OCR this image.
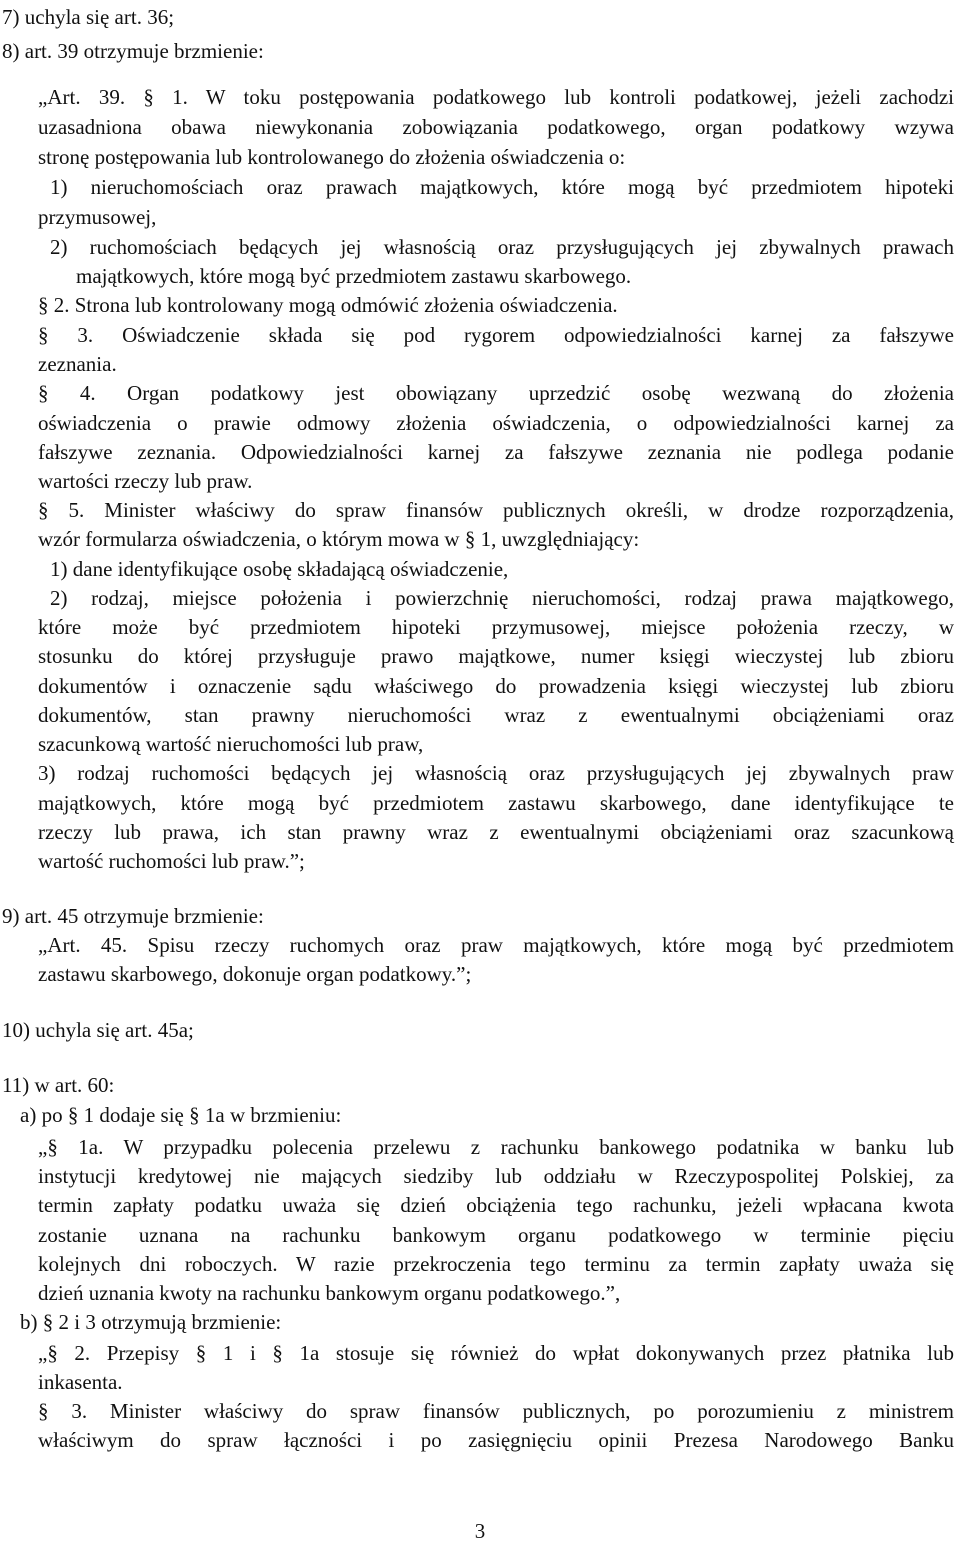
7) uchyla się art. 36;

8) art. 39 otrzymuje brzmienie:

„Art. 39. § 1. W toku postępowania podatkowego lub kontroli podatkowej, jeżeli zachodzi

uzasadniona obawa niewykonania zobowiązania podatkowego, organ podatkowy wzywa

stronę postępowania lub kontrolowanego do złożenia oświadczenia o:

1) nieruchomościach oraz prawach majątkowych, które mogą być przedmiotem hipoteki

przymusowej,

2) ruchomościach będących jej własnością oraz przysługujących jej zbywalnych prawach

majątkowych, które mogą być przedmiotem zastawu skarbowego.

§ 2. Strona lub kontrolowany mogą odmówić złożenia oświadczenia.

§ 3. Oświadczenie składa się pod rygorem odpowiedzialności karnej za fałszywe

zeznania.

§ 4. Organ podatkowy jest obowiązany uprzedzić osobę wezwaną do złożenia

oświadczenia o prawie odmowy złożenia oświadczenia, o odpowiedzialności karnej za

fałszywe zeznania. Odpowiedzialności karnej za fałszywe zeznania nie podlega podanie

wartości rzeczy lub praw.

§ 5. Minister właściwy do spraw finansów publicznych określi, w drodze rozporządzenia,

wzór formularza oświadczenia, o którym mowa w § 1, uwzględniający:

1) dane identyfikujące osobę składającą oświadczenie,

2) rodzaj, miejsce położenia i powierzchnię nieruchomości, rodzaj prawa majątkowego,

które może być przedmiotem hipoteki przymusowej, miejsce położenia rzeczy, w

stosunku do której przysługuje prawo majątkowe, numer księgi wieczystej lub zbioru

dokumentów i oznaczenie sądu właściwego do prowadzenia księgi wieczystej lub zbioru

dokumentów, stan prawny nieruchomości wraz z ewentualnymi obciążeniami oraz

szacunkową wartość nieruchomości lub praw,

3) rodzaj ruchomości będących jej własnością oraz przysługujących jej zbywalnych praw

majątkowych, które mogą być przedmiotem zastawu skarbowego, dane identyfikujące te

rzeczy lub prawa, ich stan prawny wraz z ewentualnymi obciążeniami oraz szacunkową

wartość ruchomości lub praw.”;

9) art. 45 otrzymuje brzmienie:

„Art. 45. Spisu rzeczy ruchomych oraz praw majątkowych, które mogą być przedmiotem

zastawu skarbowego, dokonuje organ podatkowy.”;

10) uchyla się art. 45a;

11) w art. 60:

a) po § 1 dodaje się § 1a w brzmieniu:

„§ 1a. W przypadku polecenia przelewu z rachunku bankowego podatnika w banku lub

instytucji kredytowej nie mających siedziby lub oddziału w Rzeczypospolitej Polskiej, za

termin zapłaty podatku uważa się dzień obciążenia tego rachunku, jeżeli wpłacana kwota

zostanie uznana na rachunku bankowym organu podatkowego w terminie pięciu

kolejnych dni roboczych. W razie przekroczenia tego terminu za termin zapłaty uważa się

dzień uznania kwoty na rachunku bankowym organu podatkowego.”,

b) § 2 i 3 otrzymują brzmienie:

„§ 2. Przepisy § 1 i § 1a stosuje się również do wpłat dokonywanych przez płatnika lub

inkasenta.

§ 3. Minister właściwy do spraw finansów publicznych, po porozumieniu z ministrem

właściwym do spraw łączności i po zasięgnięciu opinii Prezesa Narodowego Banku

3
